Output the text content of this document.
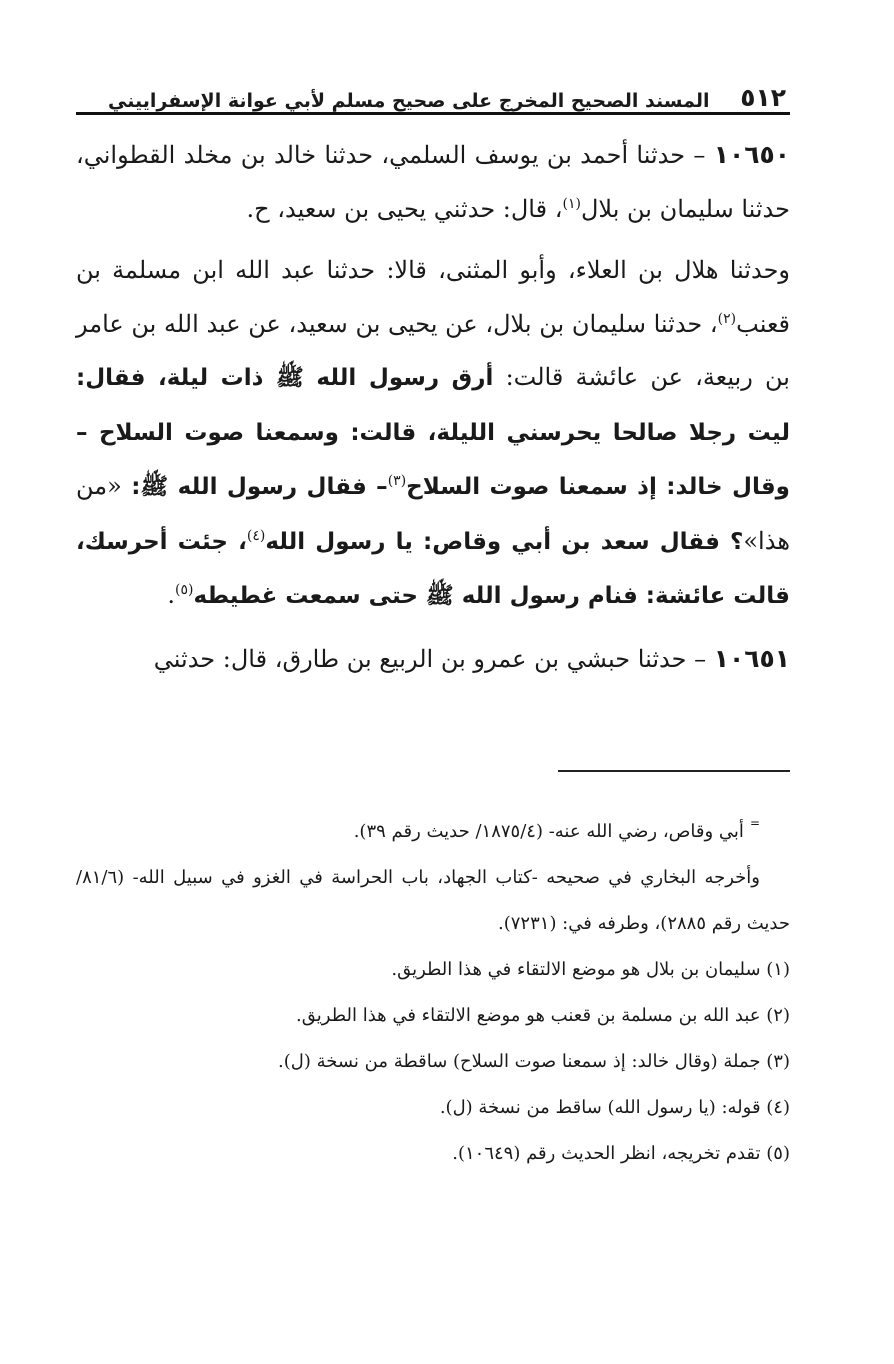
٥١٢
المسند الصحيح المخرج على صحيح مسلم لأبي عوانة الإسفراييني

١٠٦٥٠ – حدثنا أحمد بن يوسف السلمي، حدثنا خالد بن مخلد القطواني، حدثنا سليمان بن بلال$^{(١)}$، قال: حدثني يحيى بن سعيد، ح.

وحدثنا هلال بن العلاء، وأبو المثنى، قالا: حدثنا عبد الله ابن مسلمة بن قعنب$^{(٢)}$، حدثنا سليمان بن بلال، عن يحيى بن سعيد، عن عبد الله بن عامر بن ربيعة، عن عائشة قالت: أرق رسول الله ﷺ ذات ليلة، فقال: ليت رجلا صالحا يحرسني الليلة، قالت: وسمعنا صوت السلاح –وقال خالد: إذ سمعنا صوت السلاح$^{(٣)}$– فقال رسول الله ﷺ: «من هذا»؟ فقال سعد بن أبي وقاص: يا رسول الله$^{(٤)}$، جئت أحرسك، قالت عائشة: فنام رسول الله ﷺ حتى سمعت غطيطه$^{(٥)}$.

١٠٦٥١ – حدثنا حبشي بن عمرو بن الربيع بن طارق، قال: حدثني

=أبي وقاص، رضي الله عنه- (١٨٧٥/٤/ حديث رقم ٣٩).

وأخرجه البخاري في صحيحه -كتاب الجهاد، باب الحراسة في الغزو في سبيل الله- (٨١/٦/ حديث رقم ٢٨٨٥)، وطرفه في: (٧٢٣١).

(١) سليمان بن بلال هو موضع الالتقاء في هذا الطريق.

(٢) عبد الله بن مسلمة بن قعنب هو موضع الالتقاء في هذا الطريق.

(٣) جملة (وقال خالد: إذ سمعنا صوت السلاح) ساقطة من نسخة (ل).

(٤) قوله: (يا رسول الله) ساقط من نسخة (ل).

(٥) تقدم تخريجه، انظر الحديث رقم (١٠٦٤٩).
